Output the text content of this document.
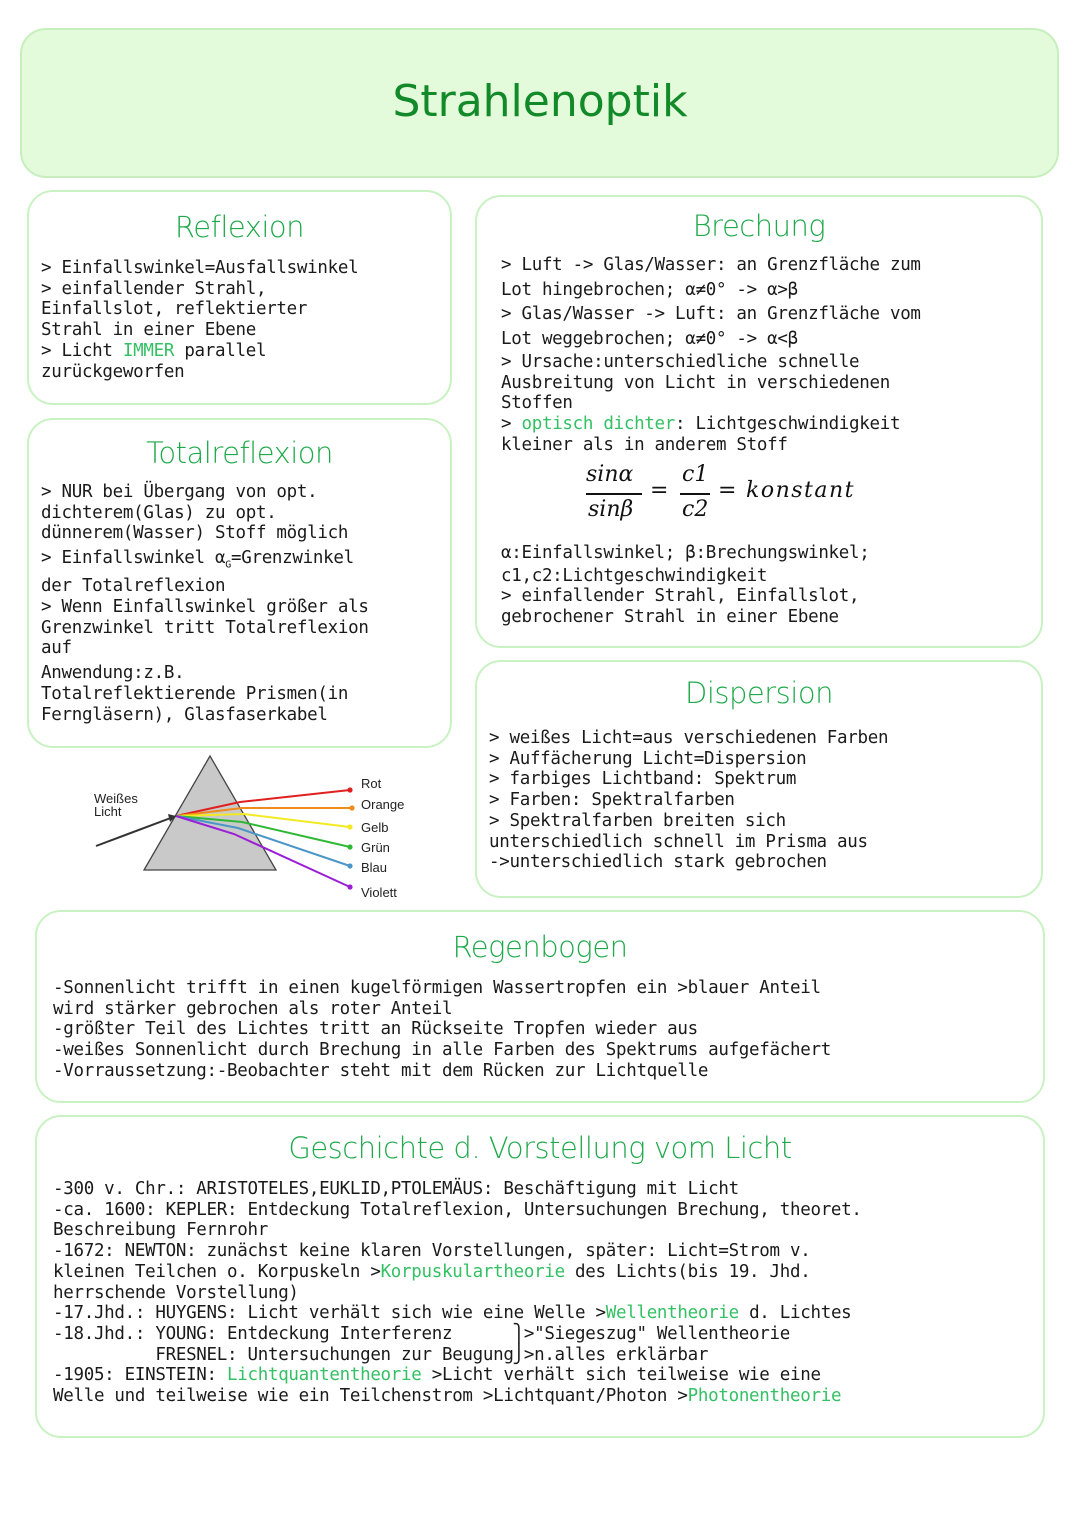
Strahlenoptik
Reflexion
> Einfallswinkel=Ausfallswinkel
> einfallender Strahl,
Einfallslot, reflektierter
Strahl in einer Ebene
> Licht IMMER parallel
zurückgeworfen
Totalreflexion
> NUR bei Übergang von opt.
dichterem(Glas) zu opt.
dünnerem(Wasser) Stoff möglich
> Einfallswinkel $\alpha_G=Grenzwinkel$
der Totalreflexion
> Wenn Einfallswinkel größer als
Grenzwinkel tritt Totalreflexion
auf
Anwendung:z.B.
Totalreflektierende Prismen(in
Ferngläsern), Glasfaserkabel
Weißes
Licht
Rot
Orange
Gelb
Grün
Blau
Violett
Brechung
> Luft -> Glas/Wasser: an Grenzfläche zum
Lot hingebrochen; α≠0° -> α>β
> Glas/Wasser -> Luft: an Grenzfläche vom
Lot weggebrochen; α≠0° -> α<β
> Ursache:unterschiedliche schnelle
Ausbreitung von Licht in verschiedenen
Stoffen
> optisch dichter: Lichtgeschwindigkeit
kleiner als in anderem Stoff
α:Einfallswinkel; β:Brechungswinkel;
c1,c2:Lichtgeschwindigkeit
> einfallender Strahl, Einfallslot,
gebrochener Strahl in einer Ebene
sinα
sinβ
=
c1
c2
= konstant
Dispersion
> weißes Licht=aus verschiedenen Farben
> Auffächerung Licht=Dispersion
> farbiges Lichtband: Spektrum
> Farben: Spektralfarben
> Spektralfarben breiten sich
unterschiedlich schnell im Prisma aus
->unterschiedlich stark gebrochen
Regenbogen
-Sonnenlicht trifft in einen kugelförmigen Wassertropfen ein >blauer Anteil
wird stärker gebrochen als roter Anteil
-größter Teil des Lichtes tritt an Rückseite Tropfen wieder aus
-weißes Sonnenlicht durch Brechung in alle Farben des Spektrums aufgefächert
-Vorraussetzung:-Beobachter steht mit dem Rücken zur Lichtquelle
Geschichte d. Vorstellung vom Licht
-300 v. Chr.: ARISTOTELES,EUKLID,PTOLEMÄUS: Beschäftigung mit Licht
-ca. 1600: KEPLER: Entdeckung Totalreflexion, Untersuchungen Brechung, theoret.
Beschreibung Fernrohr
-1672: NEWTON: zunächst keine klaren Vorstellungen, später: Licht=Strom v.
kleinen Teilchen o. Korpuskeln >Korpuskulartheorie des Lichts(bis 19. Jhd.
herrschende Vorstellung)
-17.Jhd.: HUYGENS: Licht verhält sich wie eine Welle >Wellentheorie d. Lichtes
-18.Jhd.: YOUNG: Entdeckung Interferenz      ⎫>"Siegeszug" Wellentheorie
FRESNEL: Untersuchungen zur Beugung⎭>n.alles erklärbar
-1905: EINSTEIN: Lichtquantentheorie >Licht verhält sich teilweise wie eine
Welle und teilweise wie ein Teilchenstrom >Lichtquant/Photon >Photonentheorie
